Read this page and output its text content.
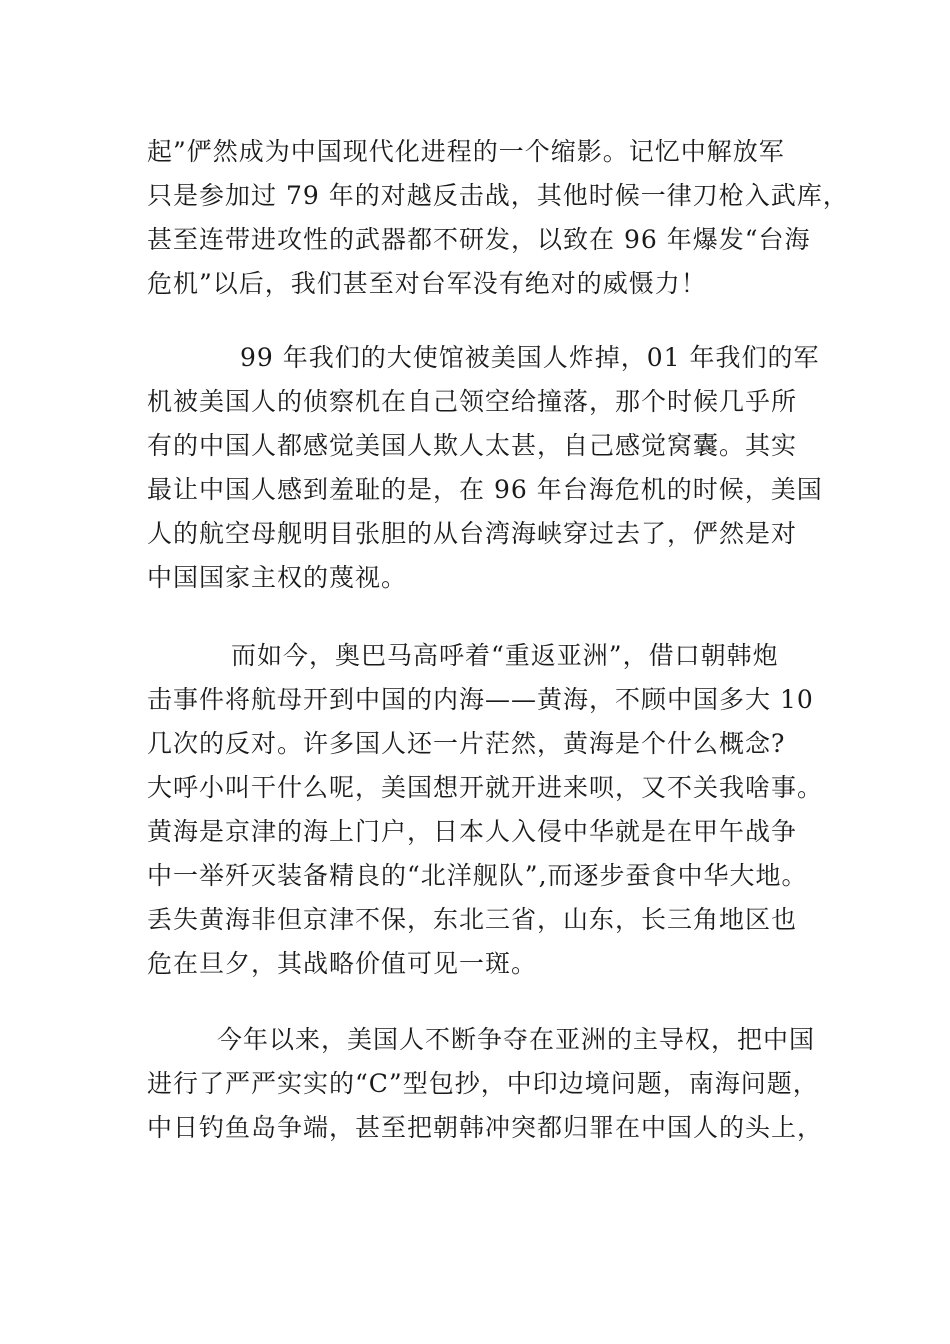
起”俨然成为中国现代化进程的一个缩影。记忆中解放军
只是参加过 79 年的对越反击战，其他时候一律刀枪入武库，
甚至连带进攻性的武器都不研发，以致在 96 年爆发“台海
危机”以后，我们甚至对台军没有绝对的威慑力！
99 年我们的大使馆被美国人炸掉，01 年我们的军
机被美国人的侦察机在自己领空给撞落，那个时候几乎所
有的中国人都感觉美国人欺人太甚，自己感觉窝囊。其实
最让中国人感到羞耻的是，在 96 年台海危机的时候，美国
人的航空母舰明目张胆的从台湾海峡穿过去了，俨然是对
中国国家主权的蔑视。
而如今，奥巴马高呼着“重返亚洲”，借口朝韩炮
击事件将航母开到中国的内海——黄海，不顾中国多大 10
几次的反对。许多国人还一片茫然，黄海是个什么概念?
大呼小叫干什么呢，美国想开就开进来呗，又不关我啥事。
黄海是京津的海上门户，日本人入侵中华就是在甲午战争
中一举歼灭装备精良的“北洋舰队”,而逐步蚕食中华大地。
丢失黄海非但京津不保，东北三省，山东，长三角地区也
危在旦夕，其战略价值可见一斑。
今年以来，美国人不断争夺在亚洲的主导权，把中国
进行了严严实实的“C”型包抄，中印边境问题，南海问题，
中日钓鱼岛争端，甚至把朝韩冲突都归罪在中国人的头上，
